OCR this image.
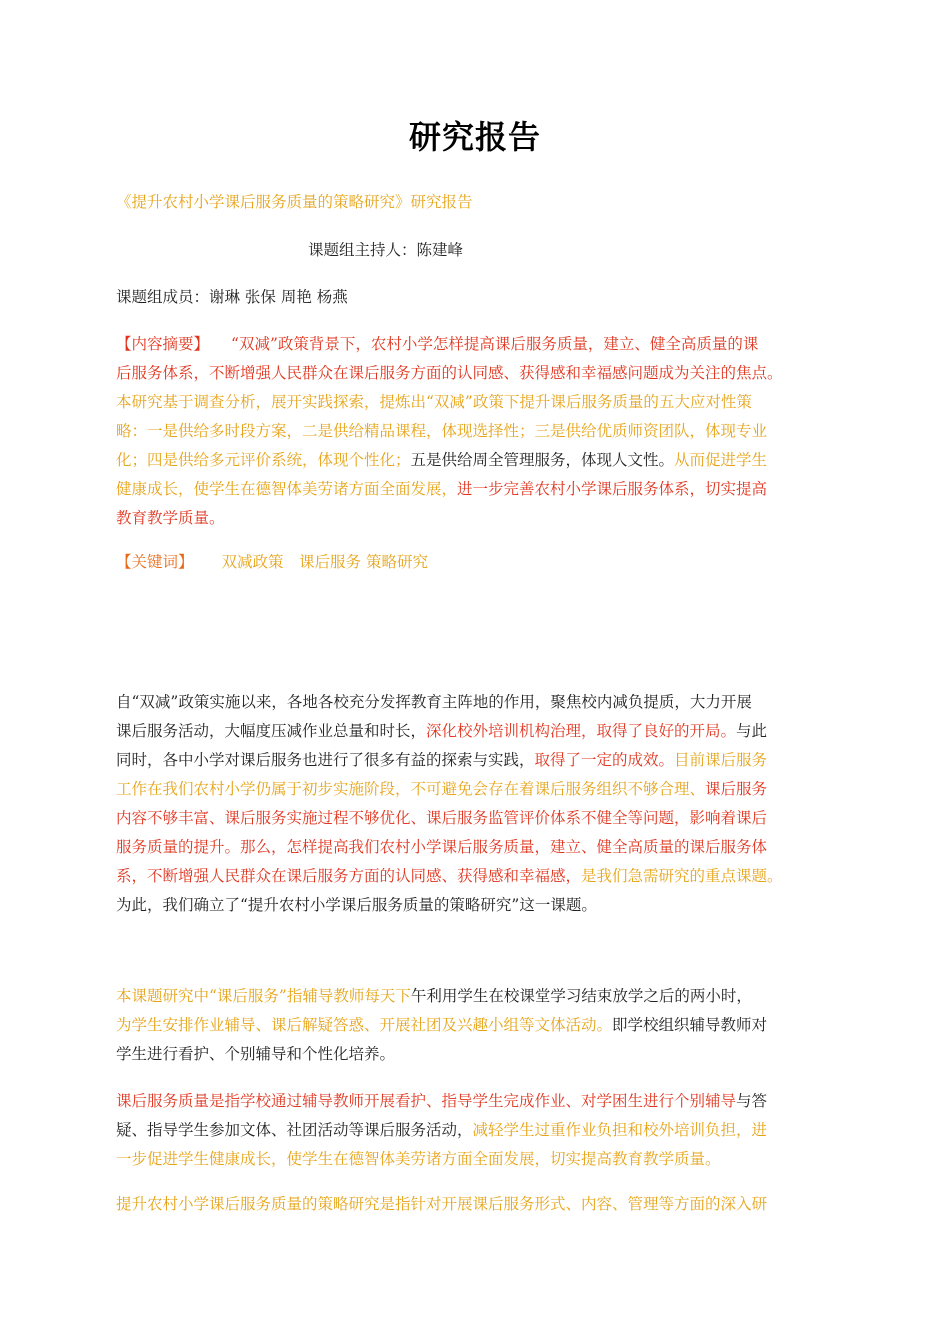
研究报告
《提升农村小学课后服务质量的策略研究》研究报告
课题组主持人：陈建峰
课题组成员：谢琳 张保 周艳 杨燕
【内容摘要】 “双减”政策背景下，农村小学怎样提高课后服务质量，建立、健全高质量的课
后服务体系，不断增强人民群众在课后服务方面的认同感、获得感和幸福感问题成为关注的焦点。
本研究基于调查分析，展开实践探索，提炼出“双减”政策下提升课后服务质量的五大应对性策
略：一是供给多时段方案，二是供给精品课程，体现选择性；三是供给优质师资团队，体现专业
化；四是供给多元评价系统，体现个性化；五是供给周全管理服务，体现人文性。从而促进学生
健康成长，使学生在德智体美劳诸方面全面发展，进一步完善农村小学课后服务体系，切实提高
教育教学质量。
【关键词】 双减政策　课后服务 策略研究
自“双减”政策实施以来，各地各校充分发挥教育主阵地的作用，聚焦校内减负提质，大力开展
课后服务活动，大幅度压减作业总量和时长，深化校外培训机构治理，取得了良好的开局。与此
同时，各中小学对课后服务也进行了很多有益的探索与实践，取得了一定的成效。目前课后服务
工作在我们农村小学仍属于初步实施阶段，不可避免会存在着课后服务组织不够合理、课后服务
内容不够丰富、课后服务实施过程不够优化、课后服务监管评价体系不健全等问题，影响着课后
服务质量的提升。那么，怎样提高我们农村小学课后服务质量，建立、健全高质量的课后服务体
系，不断增强人民群众在课后服务方面的认同感、获得感和幸福感，是我们急需研究的重点课题。
为此，我们确立了“提升农村小学课后服务质量的策略研究”这一课题。
本课题研究中“课后服务”指辅导教师每天下午利用学生在校课堂学习结束放学之后的两小时，
为学生安排作业辅导、课后解疑答惑、开展社团及兴趣小组等文体活动。即学校组织辅导教师对
学生进行看护、个别辅导和个性化培养。
课后服务质量是指学校通过辅导教师开展看护、指导学生完成作业、对学困生进行个别辅导与答
疑、指导学生参加文体、社团活动等课后服务活动，减轻学生过重作业负担和校外培训负担，进
一步促进学生健康成长，使学生在德智体美劳诸方面全面发展，切实提高教育教学质量。
提升农村小学课后服务质量的策略研究是指针对开展课后服务形式、内容、管理等方面的深入研
